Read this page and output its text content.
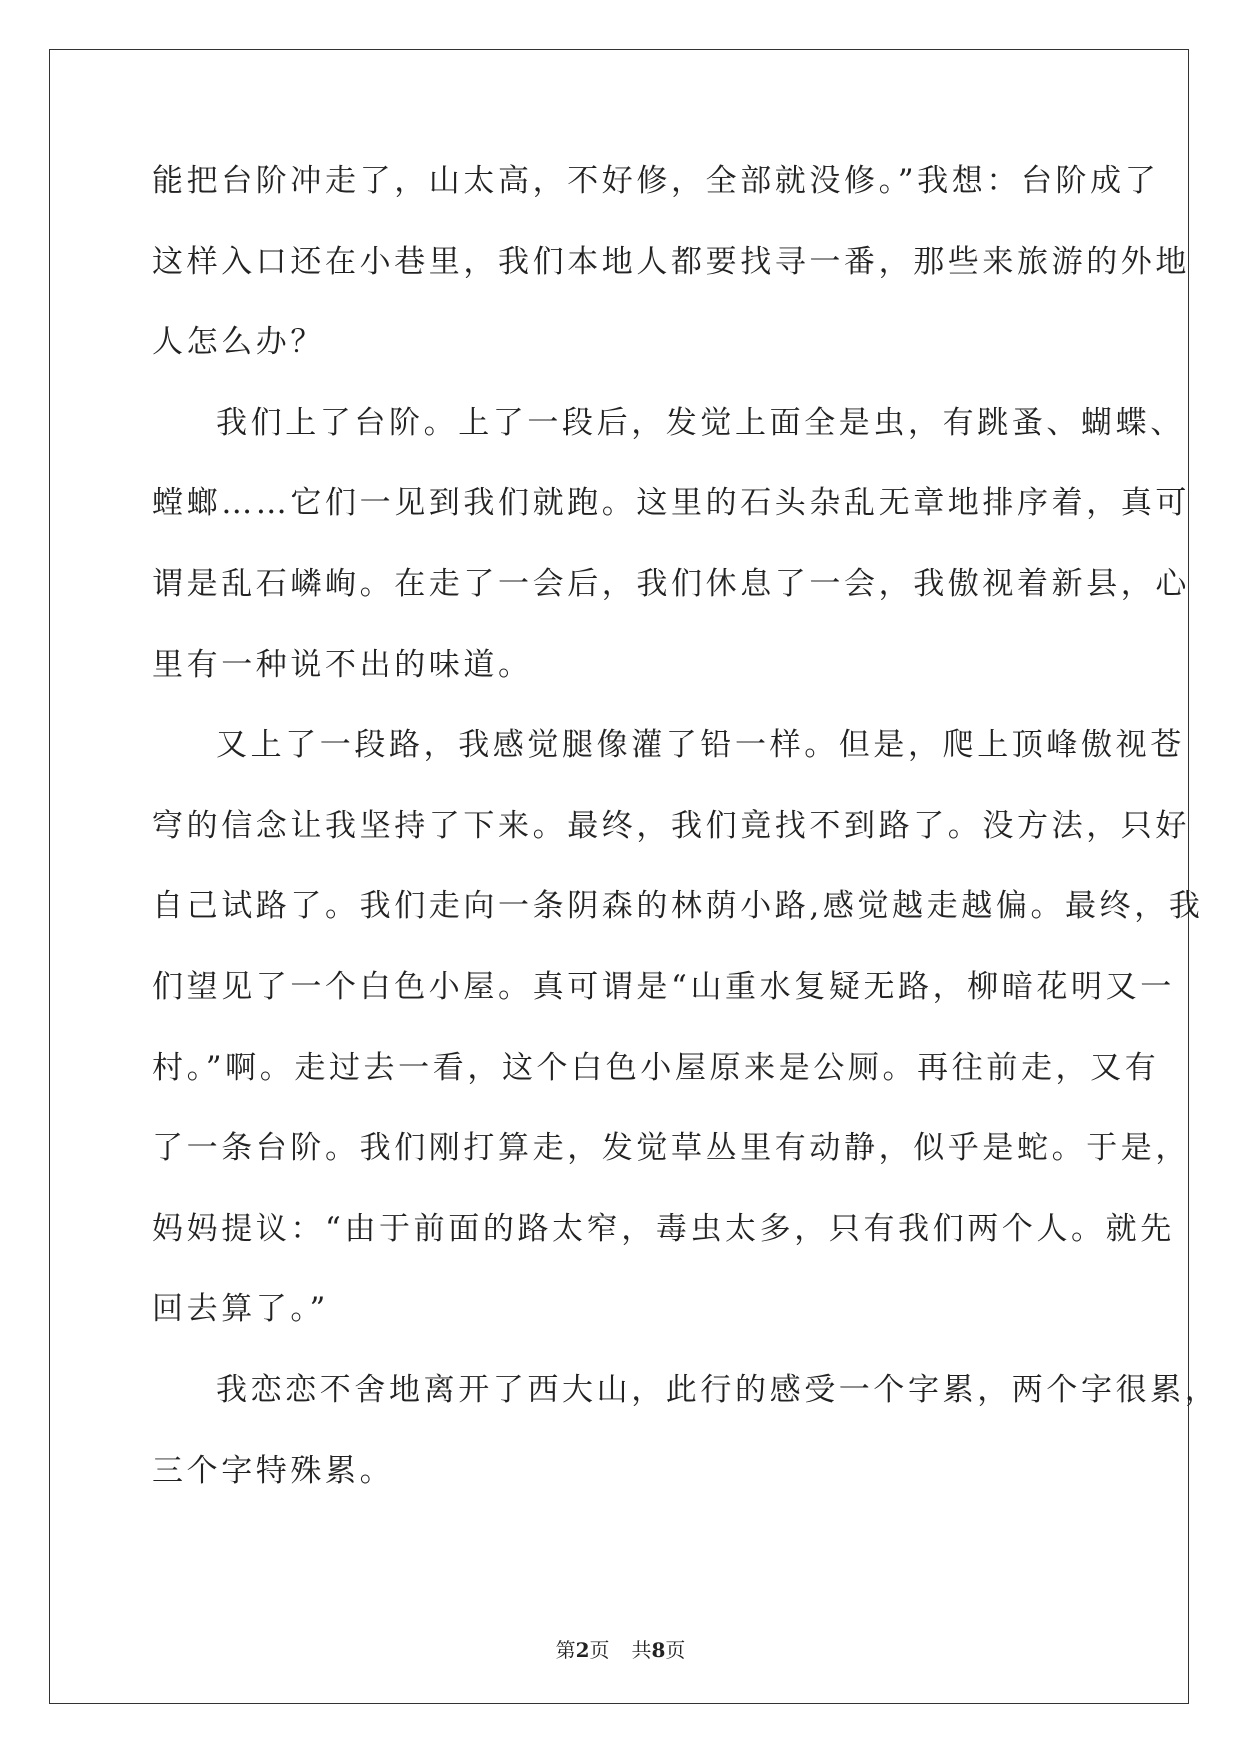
能把台阶冲走了，山太高，不好修，全部就没修。”我想：台阶成了
这样入口还在小巷里，我们本地人都要找寻一番，那些来旅游的外地
人怎么办？
我们上了台阶。上了一段后，发觉上面全是虫，有跳蚤、蝴蝶、
螳螂……它们一见到我们就跑。这里的石头杂乱无章地排序着，真可
谓是乱石嶙峋。在走了一会后，我们休息了一会，我傲视着新县，心
里有一种说不出的味道。
又上了一段路，我感觉腿像灌了铅一样。但是，爬上顶峰傲视苍
穹的信念让我坚持了下来。最终，我们竟找不到路了。没方法，只好
自己试路了。我们走向一条阴森的林荫小路,感觉越走越偏。最终，我
们望见了一个白色小屋。真可谓是“山重水复疑无路，柳暗花明又一
村。”啊。走过去一看，这个白色小屋原来是公厕。再往前走，又有
了一条台阶。我们刚打算走，发觉草丛里有动静，似乎是蛇。于是，
妈妈提议：“由于前面的路太窄，毒虫太多，只有我们两个人。就先
回去算了。”
我恋恋不舍地离开了西大山，此行的感受一个字累，两个字很累，
三个字特殊累。
第2页 共8页
